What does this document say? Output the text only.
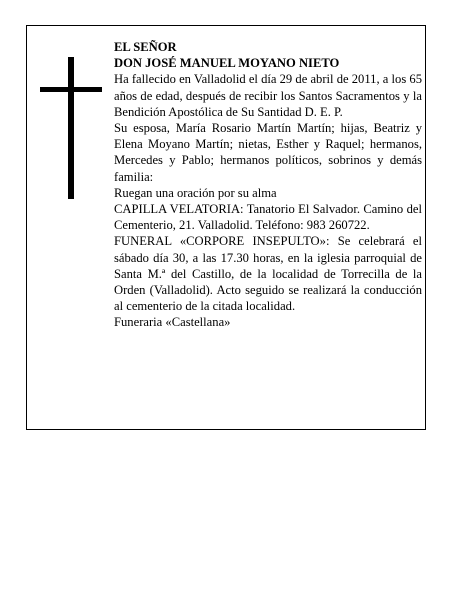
EL SEÑOR

DON JOSÉ MANUEL MOYANO NIETO

Ha fallecido en Valladolid el día 29 de abril de 2011, a los 65 años de edad, después de recibir los Santos Sacramentos y la Bendición Apostólica de Su Santidad D. E. P.

Su esposa, María Rosario Martín Martín; hijas, Beatriz y Elena Moyano Martín; nietas, Esther y Raquel; hermanos, Mercedes y Pablo; hermanos políticos, sobrinos y demás familia:

Ruegan una oración por su alma

CAPILLA VELATORIA: Tanatorio El Salvador. Camino del Cementerio, 21. Valladolid. Teléfono: 983 260722.

FUNERAL «CORPORE INSEPULTO»: Se celebrará el sábado día 30, a las 17.30 horas, en la iglesia parroquial de Santa M.ª del Castillo, de la localidad de Torrecilla de la Orden (Valladolid). Acto seguido se realizará la conducción al cementerio de la citada localidad.

Funeraria «Castellana»
